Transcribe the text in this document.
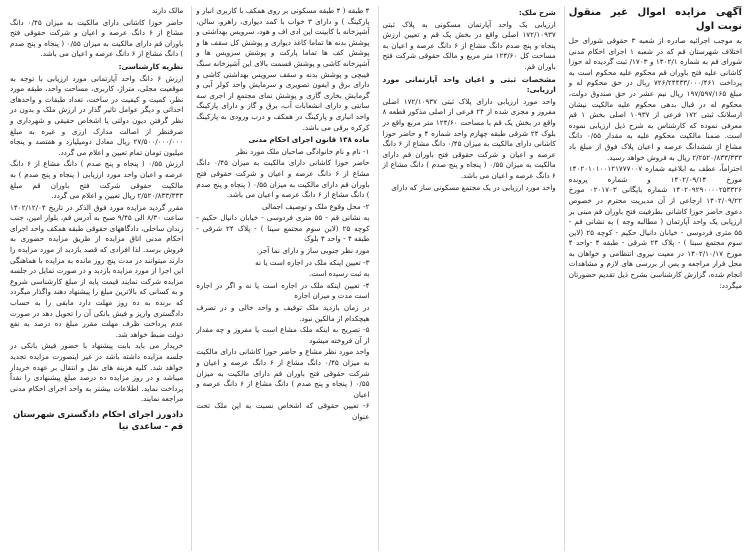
آگهی مزایده اموال غیر منقول نوبت اول

به موجب اجرائیه صادره از شعبه ۳ حقوقی شورای حل اختلاف شهرستان قم که در شعبه ۱ اجرای احکام مدنی شورای قم به شماره ۱۴۰۲/۱ و ۱۷۰۳/ ثبت گردیده له حوزا کاشانی علیه فتح باوران قم محکوم علیه محکوم است به پرداخت ۷۲۶/۲۴۴۳۳/۰۰۰/۴۶۱ ریال در حق محکوم له و مبلغ ۱۹۷/۵۹۷/۱۶۵ ریال نیم عشر در حق صندوق دولت، محکوم له در قبال بدهی محکوم علیه مالکیت نیشان ارسلانک ثبتی ۱۷۲ فرعی از ۱۰۹۳۷ اصلی بخش ۱ قم معرفی نموده که کارشناس به شرح ذیل ارزیابی نموده است. ضمنا مالکیت محکوم علیه به مقدار ۰/۵۵ دانگ مشاع از ششدانگ عرصه و اعیان پلاک فوق از مبلغ باد ۲/۲۵۲۰/۸۳۳/۳۳۳ ریال به فروش خواهد رسید.

احتراماً، عطف به ابلاغیه شماره ۱۴۰۲۰۱۰۱۰۰۱۲۱۷۷۷۰۰۷ مورخ ۱۴۰۲/۰۹/۱۴ و شماره پرونده ۱۴۰۲۰۹۲۹۰۰۰۰۲۵۳۳۲۶ شماره بایگانی ۰۲۰۱۷۰۳ مورخ ۱۴۰۲/۰۹/۲۲ ارجاعی از آن مدیریت محترم در خصوص دعوی حاضر حوزا کاشانی بطرفیت فتح باوران قم مبنی بر ارزیابی یک واحد آپارتمان ( مطالبه وجه ) به نشانی قم - ۵۵ متری فردوسی - خیابان دانیال حکیم - کوچه ۲۵ (لاین سوم مجتمع سینا ) - پلاک ۲۴ شرقی - طبقه ۴ -واحد ۴ مورخ ۱۴۰۲/۱۰/۱۷ در معیت نیروی انتظامی و خواهان به محل قرار مراجعه و پس از بررسی های لازم و مشاهدات انجام شده، گزارش کارشناسی بشرح ذیل تقدیم حضورتان میگردد:

شرح ملک:

ارزیابی یک واحد آپارتمان مسکونی به پلاک ثبتی ۱۷۲/۱۰۹۳۷ اصلی واقع در بخش یک قم و تعیین ارزش پنجاه و پنج صدم دانگ مشاع از ۶ دانگ عرصه و اعیان به مساحت کل ۱۲۴/۶۰ متر مربع و مالک حقوقی شرکت فتح باوران قم.

مشخصات ثبتی و اعیان واحد آپارتمانی مورد ارزیابی:

واحد مورد ارزیابی دارای پلاک ثبتی ۱۷۲/۱۰۹۳۷ اصلی مفروز و مجزی شده از ۲۴ فرعی از اصلی مذکور قطعه ۸ واقع در بخش یک قم با مساحت ۱۲۴/۶۰ متر مربع واقع در بلوک ۲۴ شرقی طبقه چهارم واحد شماره ۴ و حاضر حوزا کاشانی دارای مالکیت به میزان ۰/۴۵ دانگ مشاع از ۶ دانگ عرصه و اعیان و شرکت حقوقی فتح باوران قم دارای مالکیت به میزان ۰/۵۵ ( پنجاه و پنج صدم ) دانگ مشاع از ۶ دانگ عرصه و اعیان می باشد.

واحد مورد ارزیابی در یک مجتمع مسکونی ساز که دارای

۴ طبقه ( ۴ طبقه مسکونی بر روی همکف با کاربری انبار و پارکینگ ) و دارای ۳ خواب با کمد دیواری، راهرو، سالن، آشپزخانه با کابینت اپن ادی اف و هود، سرویس بهداشتی و پوشش بدنه ها تماما کاغذ دیواری و پوشش کل سقف ها و پوشش کف ها تماما پارکت و پوشش سرویس ها و آشپزخانه کاشی و پوشش قسمت بالای این آشپزخانه سنگ فیبچی و پوشش بدنه و سقف سرویس بهداشتی کاشی و دارای برق و ایفون تصویری و سرمایش واحد کولر آبی و گرمایش بخاری گازی و پوشش نمای مجتمع از اجری سه سانتی و دارای انشعابات آب، برق و گاز و دارای پارکینگ واحد انباری و پارکینگ در همکف و درب ورودی به پارکینگ کرکره برقی می باشد.

ماده ۱۳۸ قانون اجرای احکام مدنی

۱- نام و نام خانوادگی صاحبان ملک مورد نظر

حاضر حوزا کاشانی دارای مالکیت به میزان ۰/۴۵ دانگ مشاع از ۶ دانگ عرصه و اعیان و شرکت حقوقی فتح باوران قم دارای مالکیت به میزان ۰/۵۵ ( پنجاه و پنج صدم ) دانگ مشاع از ۶ دانگ عرصه و اعیان می باشد.

۲- محل وقوع ملک و توصیف اجمالی

به نشانی قم - ۵۵ متری فردوسی - خیابان دانیال حکیم - کوچه ۲۵ (لاین سوم مجتمع سینا ) - پلاک ۲۴ شرقی - طبقه ۴ - واحد ۴ بلوک

مورد نظر جنوبی ساز و دارای نما آجر.

۳- تعیین اینکه ملک در اجاره است یا نه

به ثبت رسیده است.

۴- تعیین اینکه ملک در اجاره است یا نه و اگر در اجاره است مدت و میزان اجاره

در زمان بازدید ملک توقیف و واحد خالی و در تصرف هیچکدام از مالکین نبود.

۵- تصریح به اینکه ملک مشاع است یا مفروز و چه مقدار از آن فروخته میشود

واحد مورد نظر مشاع و حاضر حوزا کاشانی دارای مالکیت به میزان ۰/۴۵ دانگ مشاع از ۶ دانگ عرصه و اعیان و شرکت حقوقی فتح باوران قم دارای مالکیت به میزان ۰/۵۵ ( پنجاه و پنج صدم ) دانگ مشاع از ۶ دانگ عرصه و اعیان

۶- تعیین حقوقی که اشخاص نسبت به این ملک تحت عنوان

مالک دارند

حاضر حوزا کاشانی دارای مالکیت به میزان ۰/۴۵ دانگ مشاع از ۶ دانگ عرصه و اعیان و شرکت حقوقی فتح باوران قم دارای مالکیت به میزان ۰/۵۵ ( پنجاه و پنج صدم ) دانگ مشاع از ۶ دانگ عرصه و اعیان می باشد.

نظریه کارشناسی:

ارزش ۶ دانگ واحد آپارتمانی مورد ارزیابی با توجه به موقعیت مجلی، متراژ، کاربری، مساحت واحد، طبقه مورد نظر، کمیت و کیفیت در ساخت، تعداد طبقات و واحدهای احداثی و دیگر عوامل تاثیر گذار در ارزش ملک و بدون در نظر گرفتن دیون دولتی یا اشخاص حقیقی و شهرداری و صرفنظر از اصالت مدارک ارزی و غیره به مبلغ ۲۷/۵۰۰/۰۰۰/۰۰۰ ریال معادل دومیلیارد و هفتصد و پنجاه میلیون تومان تمام تعیین و اعلام می گردد.

ارزش ۰/۵۵ ( پنجاه و پنج صدم ) دانگ مشاع از ۶ دانگ عرصه و اعیان واحد مورد ارزیابی ( پنجاه و پنج صدم ) به مالکیت حقوقی شرکت فتح باوران قم مبلغ ۲/۵۲۰/۸۳۳/۳۳۳ ریال تعیین و اعلام می گردد.

مقرر گردید مزایده مورد فوق الذکر در تاریخ ۱۴۰۲/۱۲/۰۴ ساعت ۸/۳۰ الی ۹/۴۵ صبح به آدرس قم، بلوار امین، جنب زندان ساحلی، دادگاههای حقوقی طبقه همکف واحد اجرای احکام مدنی اتاق مزایده از طریق مزایده حضوری به فروش برسد. لذا افرادی که قصد بازدید از مورد مزایده را دارند میتوانند در مدت پنج روز مانده به مزایده با هماهنگی این اجرا از مورد مزایده بازدید و در صورت تمایل در جلسه مزایده شرکت نمایند قیمت پایه از مبلغ کارشناسی شروع و به کسانی که بالاترین مبلغ را پیشنهاد دهند واگذار میگردد که برنده به ده روز مهلت دارد مابقی را به حساب دادگستری واریز و فیش بانکی آن را تحویل دهد در صورت عدم پرداخت ظرف مهلت مقرر مبلغ ده درصد به نفع دولت ضبط خواهد شد.

خریدار می باید بابت پیشنهاد با حضور فیش بانکی در جلسه مزایده داشته باشد در غیر اینصورت مزایده تجدید خواهد شد. کلیه هزینه های نقل و انتقال بر عهده خریدار میباشد و در روز مزایده ده درصد مبلغ پیشنهادی را نقداً پرداخت نماید. اطلاعات بیشتر به واحد اجرای احکام مدنی مراجعه نمایند.

دادورز اجرای احکام دادگستری شهرستان قم - ساعدی نیا
